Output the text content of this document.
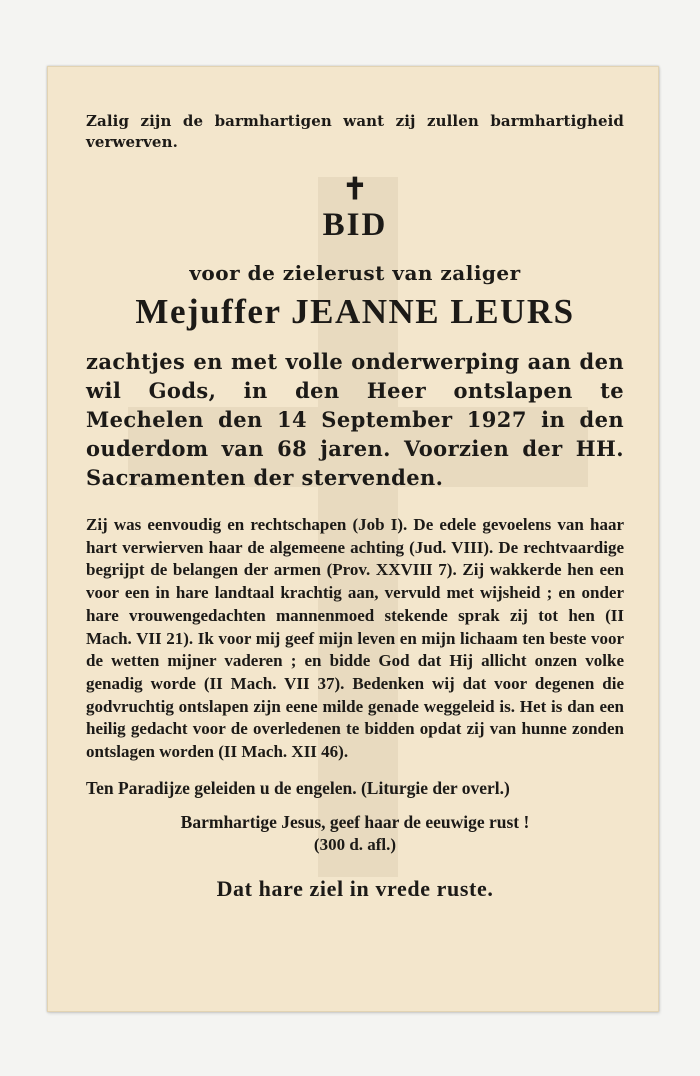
Zalig zijn de barmhartigen want zij zullen barmhartigheid verwerven.

✝
BID
voor de zielerust van zaliger
Mejuffer JEANNE LEURS

zachtjes en met volle onderwerping aan den wil Gods, in den Heer ontslapen te Mechelen den 14 September 1927 in den ouderdom van 68 jaren. Voorzien der HH. Sacramenten der stervenden.

Zij was eenvoudig en rechtschapen (Job I). De edele gevoelens van haar hart verwierven haar de algemeene achting (Jud. VIII). De rechtvaardige begrijpt de belangen der armen (Prov. XXVIII 7). Zij wakkerde hen een voor een in hare landtaal krachtig aan, vervuld met wijsheid ; en onder hare vrouwengedachten mannenmoed stekende sprak zij tot hen (II Mach. VII 21). Ik voor mij geef mijn leven en mijn lichaam ten beste voor de wetten mijner vaderen ; en bidde God dat Hij allicht onzen volke genadig worde (II Mach. VII 37). Bedenken wij dat voor degenen die godvruchtig ontslapen zijn eene milde genade weggeleid is. Het is dan een heilig gedacht voor de overledenen te bidden opdat zij van hunne zonden ontslagen worden (II Mach. XII 46).

Ten Paradijze geleiden u de engelen. (Liturgie der overl.)

Barmhartige Jesus, geef haar de eeuwige rust !

(300 d. afl.)

Dat hare ziel in vrede ruste.
